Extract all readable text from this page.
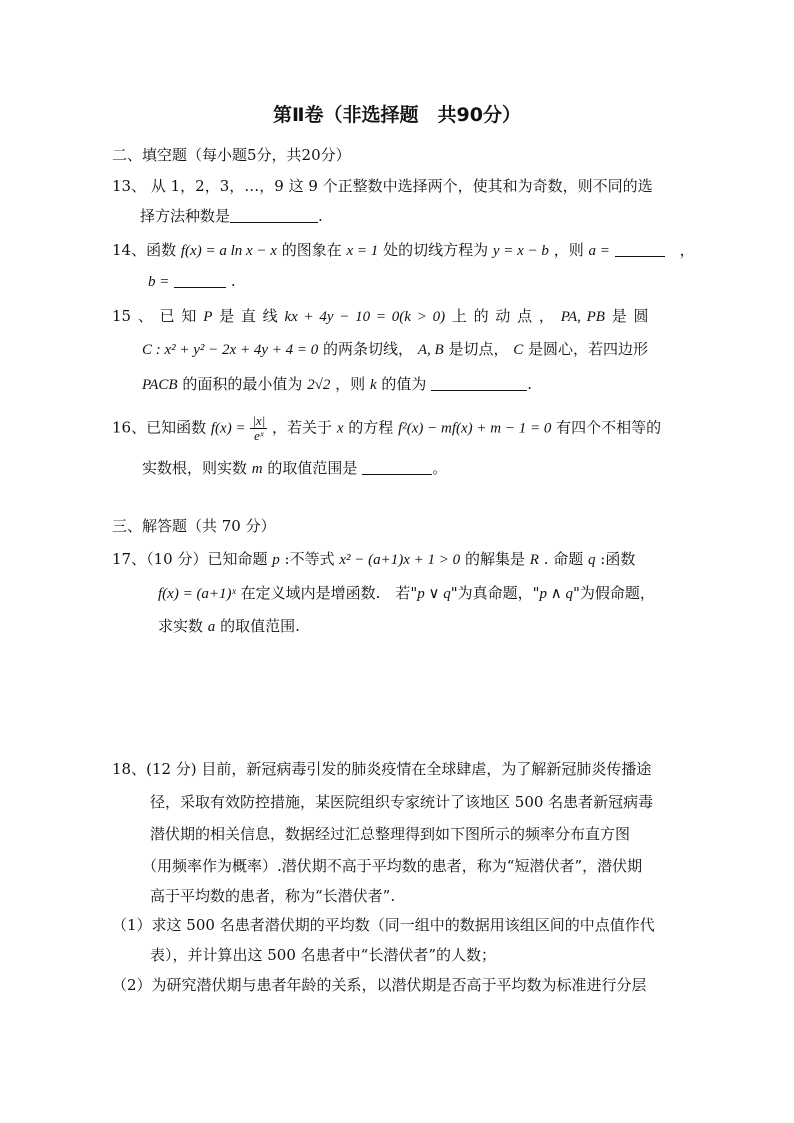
第Ⅱ卷（非选择题　共90分）
二、填空题（每小题5分，共20分）
13、 从 1，2，3，…，9 这 9 个正整数中选择两个，使其和为奇数，则不同的选
择方法种数是	.
14、函数 f(x) = a ln x − x 的图象在 x = 1 处的切线方程为 y = x − b ，则 a =	　，
b =	.
15 、 已 知 P 是 直 线 kx + 4y − 10 = 0(k > 0) 上 的 动 点 ， PA, PB 是 圆
C : x² + y² − 2x + 4y + 4 = 0 的两条切线， A, B 是切点， C 是圆心，若四边形
PACB 的面积的最小值为 2√2 ，则 k 的值为	.
16、已知函数 $f(x) = \frac{|x|}{\text{eˣ}}$ ，若关于 x 的方程 f²(x) − mf(x) + m − 1 = 0 有四个不相等的
实数根，则实数 m 的取值范围是	。
三、解答题（共 70 分）
17、（10 分）已知命题 p :不等式 x² − (a+1)x + 1 > 0 的解集是 R . 命题 q :函数
f(x) = (a+1)ˣ 在定义域内是增函数.　若"p ∨ q"为真命题，"p ∧ q"为假命题，
求实数 a 的取值范围.
18、(12 分) 目前，新冠病毒引发的肺炎疫情在全球肆虐，为了解新冠肺炎传播途
径，采取有效防控措施，某医院组织专家统计了该地区 500 名患者新冠病毒
潜伏期的相关信息，数据经过汇总整理得到如下图所示的频率分布直方图
（用频率作为概率）.潜伏期不高于平均数的患者，称为“短潜伏者”，潜伏期
高于平均数的患者，称为“长潜伏者”.
（1）求这 500 名患者潜伏期的平均数（同一组中的数据用该组区间的中点值作代
表），并计算出这 500 名患者中“长潜伏者”的人数；
（2）为研究潜伏期与患者年龄的关系，以潜伏期是否高于平均数为标准进行分层
